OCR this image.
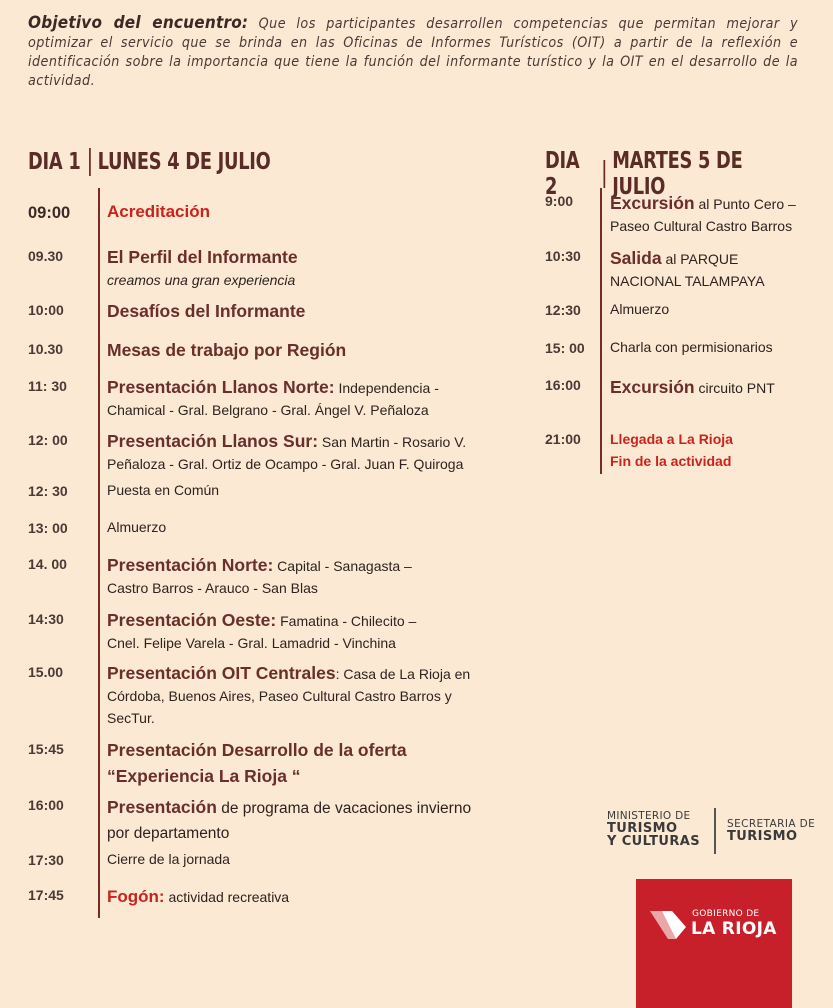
Objetivo del encuentro: Que los participantes desarrollen competencias que permitan mejorar y optimizar el servicio que se brinda en las Oficinas de Informes Turísticos (OIT) a partir de la reflexión e identificación sobre la importancia que tiene la función del informante turístico y la OIT en el desarrollo de la actividad.
DIA 1 LUNES 4 DE JULIO	DIA 2
MARTES 5 DE JULIO
09:00 Acreditación
09.30	El Perfil del Informante
creamos una gran experiencia
10:00 Desafíos del Informante
10.30	Mesas de trabajo por Región
11: 30 Presentación Llanos Norte: Independencia -
Chamical - Gral. Belgrano - Gral. Ángel V. Peñaloza
12: 00 Presentación Llanos Sur: San Martin - Rosario V.
Peñaloza - Gral. Ortiz de Ocampo - Gral. Juan F. Quiroga
12: 30	Puesta en Común
13: 00	Almuerzo
14. 00 Presentación Norte: Capital - Sanagasta –
Castro Barros - Arauco - San Blas
14:30 Presentación Oeste: Famatina - Chilecito –
Cnel. Felipe Varela - Gral. Lamadrid - Vinchina
15.00	Presentación OIT Centrales: Casa de La Rioja en
Córdoba, Buenos Aires, Paseo Cultural Castro Barros y
SecTur.
15:45 Presentación Desarrollo de la oferta
“Experiencia La Rioja “
16:00 Presentación de programa de vacaciones invierno
por departamento
17:30	Cierre de la jornada
17:45	Fogón: actividad recreativa
9:00 Excursión al Punto Cero –
Paseo Cultural Castro Barros
10:30 Salida al PARQUE
NACIONAL TALAMPAYA
12:30 Almuerzo
15: 00 Charla con permisionarios
16:00 Excursión circuito PNT
21:00 Llegada a La Rioja
Fin de la actividad
MINISTERIO DE
TURISMO
Y CULTURAS
SECRETARIA DE
TURISMO
GOBIERNO DE
LA RIOJA
